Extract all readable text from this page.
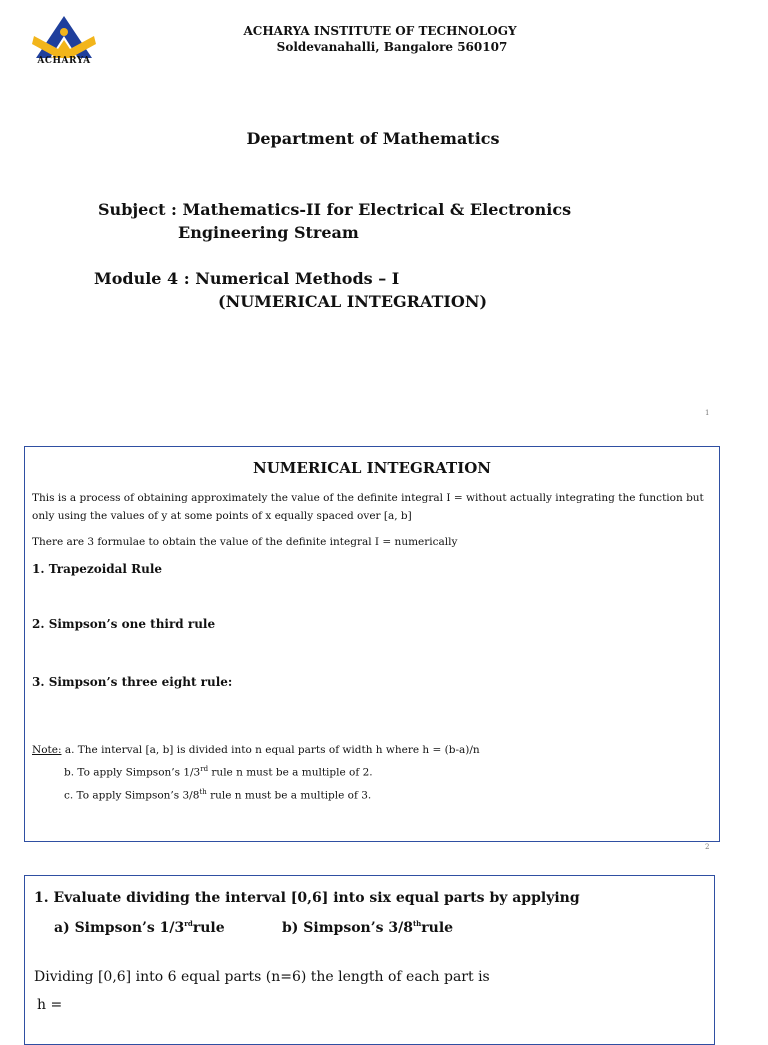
ACHARYA
ACHARYA INSTITUTE OF TECHNOLOGY
Soldevanahalli, Bangalore 560107
Department of Mathematics
Subject : Mathematics-II for Electrical & Electronics
Engineering Stream
Module 4 : Numerical Methods – I
(NUMERICAL INTEGRATION)
1
NUMERICAL INTEGRATION
This is a process of obtaining approximately the value of the definite integral I = without actually integrating the function but only using the values of y at some points of x equally spaced over [a, b]
There are 3 formulae to obtain the value of the definite integral I = numerically
1. Trapezoidal Rule
2. Simpson’s one third rule
3. Simpson’s three eight rule:
Note: a. The interval [a, b] is divided into n equal parts of width h where h = (b-a)/n
b. To apply Simpson’s 1/3rd rule n must be a multiple of 2.
c. To apply Simpson’s 3/8th rule n must be a multiple of 3.
2
1. Evaluate dividing the interval [0,6] into six equal parts by applying
a) Simpson’s 1/3rdrule	b) Simpson’s 3/8thrule
Dividing [0,6] into 6 equal parts (n=6) the length of each part is
h =
